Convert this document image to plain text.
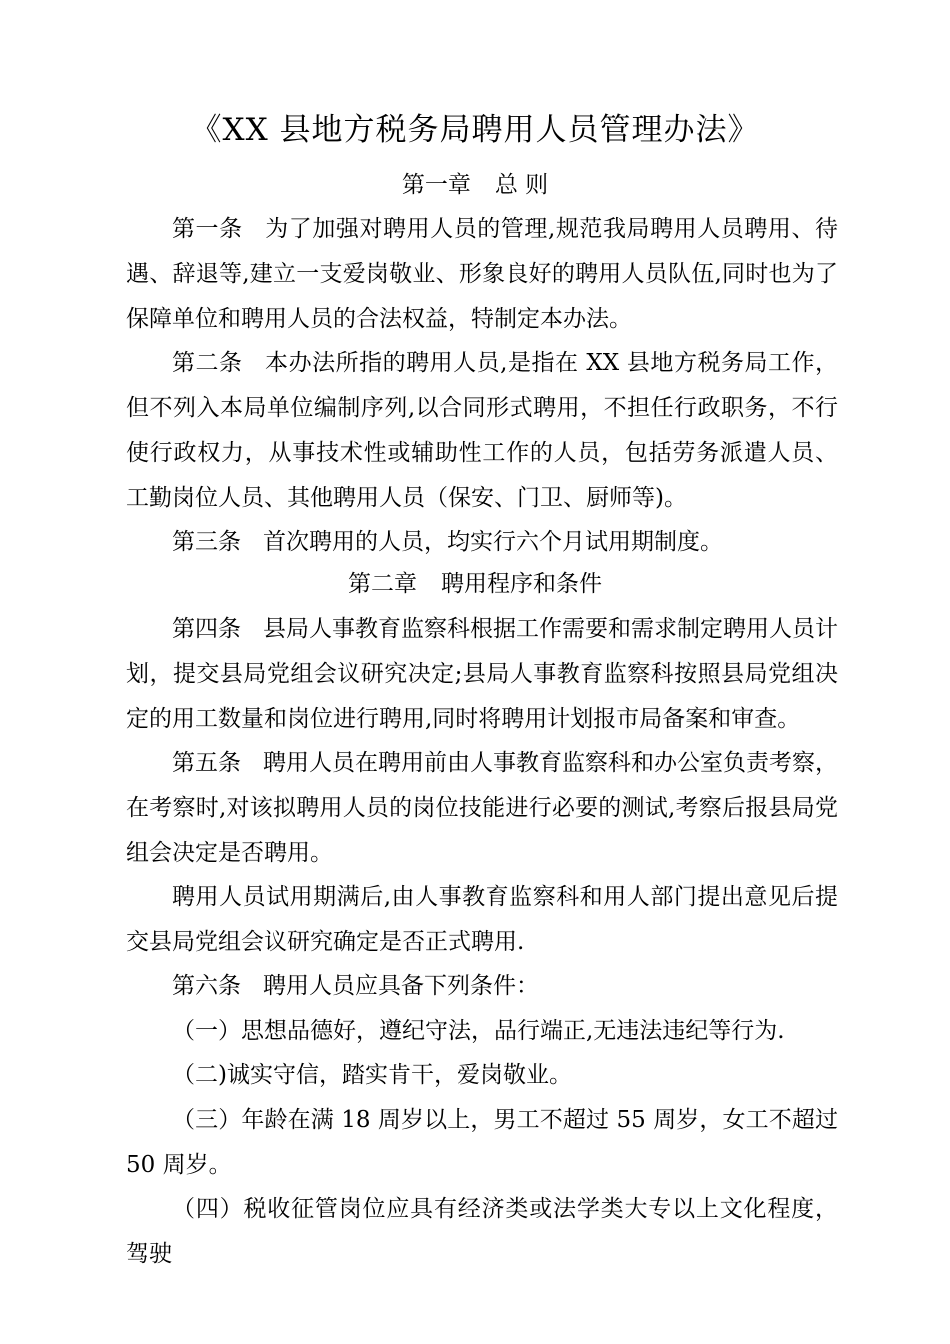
《XX 县地方税务局聘用人员管理办法》
第一章 总 则
第一条 为了加强对聘用人员的管理,规范我局聘用人员聘用、待遇、辞退等,建立一支爱岗敬业、形象良好的聘用人员队伍,同时也为了保障单位和聘用人员的合法权益，特制定本办法。
第二条 本办法所指的聘用人员,是指在 XX 县地方税务局工作，但不列入本局单位编制序列,以合同形式聘用，不担任行政职务，不行使行政权力，从事技术性或辅助性工作的人员，包括劳务派遣人员、工勤岗位人员、其他聘用人员（保安、门卫、厨师等)。
第三条 首次聘用的人员，均实行六个月试用期制度。
第二章 聘用程序和条件
第四条 县局人事教育监察科根据工作需要和需求制定聘用人员计划，提交县局党组会议研究决定;县局人事教育监察科按照县局党组决定的用工数量和岗位进行聘用,同时将聘用计划报市局备案和审查。
第五条 聘用人员在聘用前由人事教育监察科和办公室负责考察，在考察时,对该拟聘用人员的岗位技能进行必要的测试,考察后报县局党组会决定是否聘用。
聘用人员试用期满后,由人事教育监察科和用人部门提出意见后提交县局党组会议研究确定是否正式聘用.
第六条 聘用人员应具备下列条件：
（一）思想品德好，遵纪守法，品行端正,无违法违纪等行为.
（二)诚实守信，踏实肯干，爱岗敬业。
（三）年龄在满 18 周岁以上，男工不超过 55 周岁，女工不超过 50 周岁。
（四）税收征管岗位应具有经济类或法学类大专以上文化程度，驾驶
